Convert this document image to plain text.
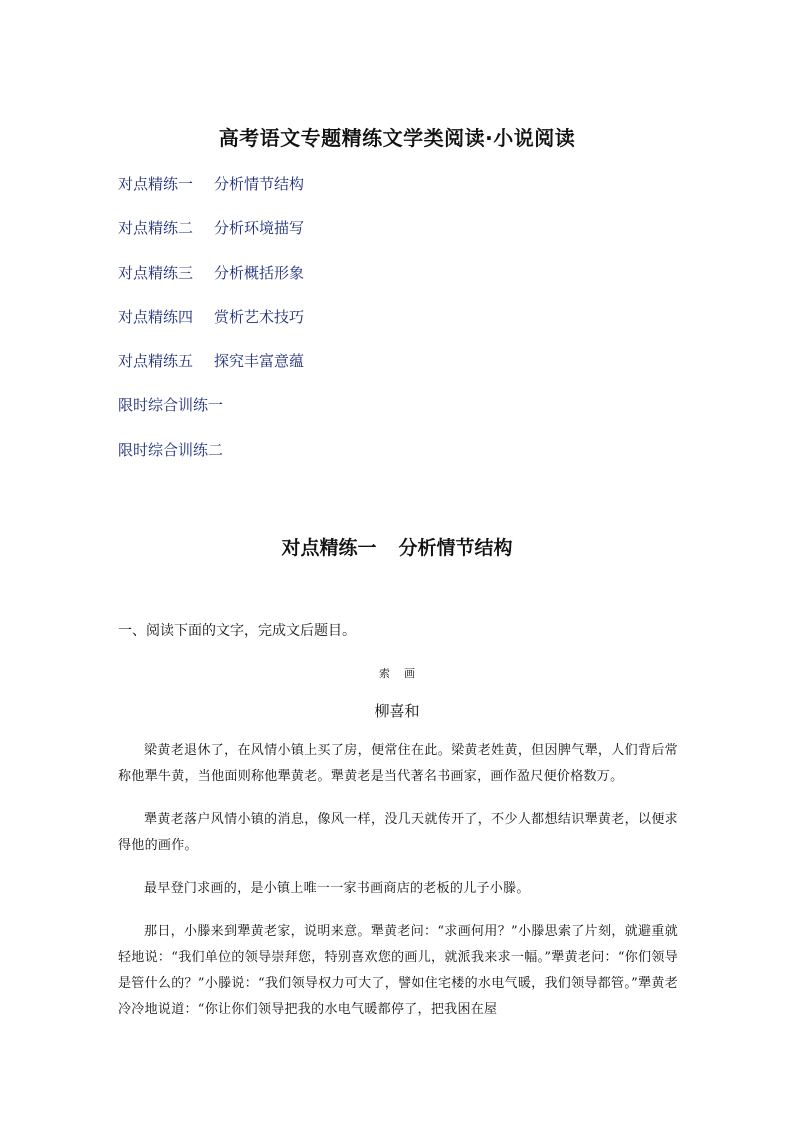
高考语文专题精练文学类阅读·小说阅读
对点精练一 分析情节结构
对点精练二 分析环境描写
对点精练三 分析概括形象
对点精练四 赏析艺术技巧
对点精练五 探究丰富意蕴
限时综合训练一
限时综合训练二
对点精练一 分析情节结构
一、阅读下面的文字，完成文后题目。
索画
柳喜和

梁黄老退休了，在风情小镇上买了房，便常住在此。梁黄老姓黄，但因脾气犟，人们背后常称他犟牛黄，当他面则称他犟黄老。犟黄老是当代著名书画家，画作盈尺便价格数万。

犟黄老落户风情小镇的消息，像风一样，没几天就传开了，不少人都想结识犟黄老，以便求得他的画作。

最早登门求画的，是小镇上唯一一家书画商店的老板的儿子小滕。

那日，小滕来到犟黄老家，说明来意。犟黄老问：“求画何用？”小滕思索了片刻，就避重就轻地说：“我们单位的领导崇拜您，特别喜欢您的画儿，就派我来求一幅。”犟黄老问：“你们领导是管什么的？”小滕说：“我们领导权力可大了，譬如住宅楼的水电气暖，我们领导都管。”犟黄老冷冷地说道：“你让你们领导把我的水电气暖都停了，把我困在屋
